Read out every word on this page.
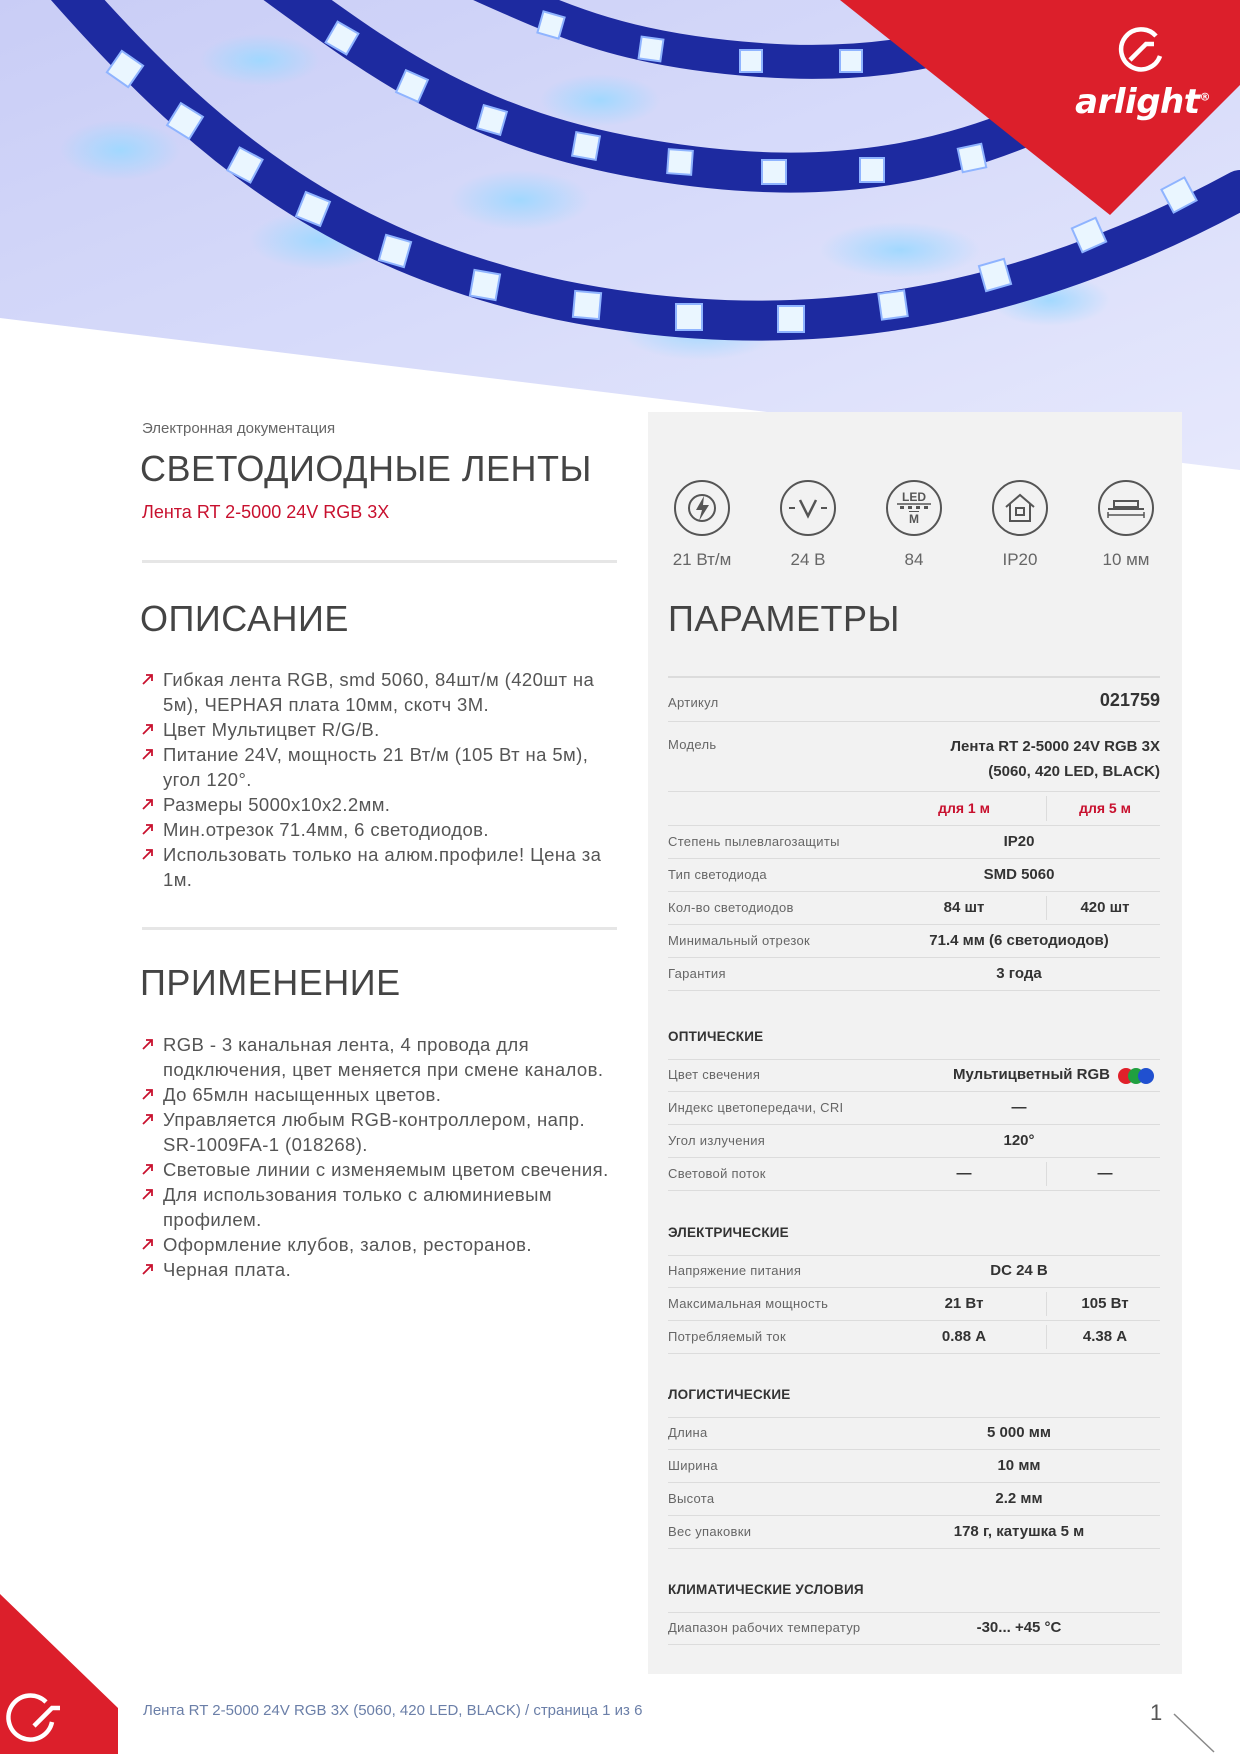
arlight®
Электронная документация
СВЕТОДИОДНЫЕ ЛЕНТЫ
Лента RT 2-5000 24V RGB 3X
ОПИСАНИЕ
Гибкая лента RGB, smd 5060, 84шт/м (420шт на 5м), ЧЕРНАЯ плата 10мм, скотч 3М.
Цвет Мультицвет R/G/B.
Питание 24V, мощность 21 Вт/м (105 Вт на 5м), угол 120°.
Размеры 5000x10x2.2мм.
Мин.отрезок 71.4мм, 6 светодиодов.
Использовать только на алюм.профиле! Цена за 1м.
ПРИМЕНЕНИЕ
RGB - 3 канальная лента, 4 провода для подключения, цвет меняется при смене каналов.
До 65млн насыщенных цветов.
Управляется любым RGB-контроллером, напр. SR-1009FA-1 (018268).
Световые линии с изменяемым цветом свечения.
Для использования только с алюминиевым профилем.
Оформление клубов, залов, ресторанов.
Черная плата.
21 Вт/м	24 В
LED
М
84	IP20	10 мм
ПАРАМЕТРЫ
Артикул	021759
Модель	Лента RT 2-5000 24V RGB 3X
(5060, 420 LED, BLACK)
для 1 м	для 5 м
Степень пылевлагозащиты	IP20
Тип светодиода	SMD 5060
Кол-во светодиодов	84 шт	420 шт
Минимальный отрезок	71.4 мм (6 светодиодов)
Гарантия	3 года
ОПТИЧЕСКИЕ
Цвет свечения	Мультицветный RGB
Индекс цветопередачи, CRI	—
Угол излучения	120°
Световой поток	—	—
ЭЛЕКТРИЧЕСКИЕ
Напряжение питания	DC 24 В
Максимальная мощность	21 Вт	105 Вт
Потребляемый ток	0.88 А	4.38 А
ЛОГИСТИЧЕСКИЕ
Длина	5 000 мм
Ширина	10 мм
Высота	2.2 мм
Вес упаковки	178 г, катушка 5 м
КЛИМАТИЧЕСКИЕ УСЛОВИЯ
Диапазон рабочих температур	-30... +45 °C
Лента RT 2-5000 24V RGB 3X (5060, 420 LED, BLACK) / страница 1 из 6	1
